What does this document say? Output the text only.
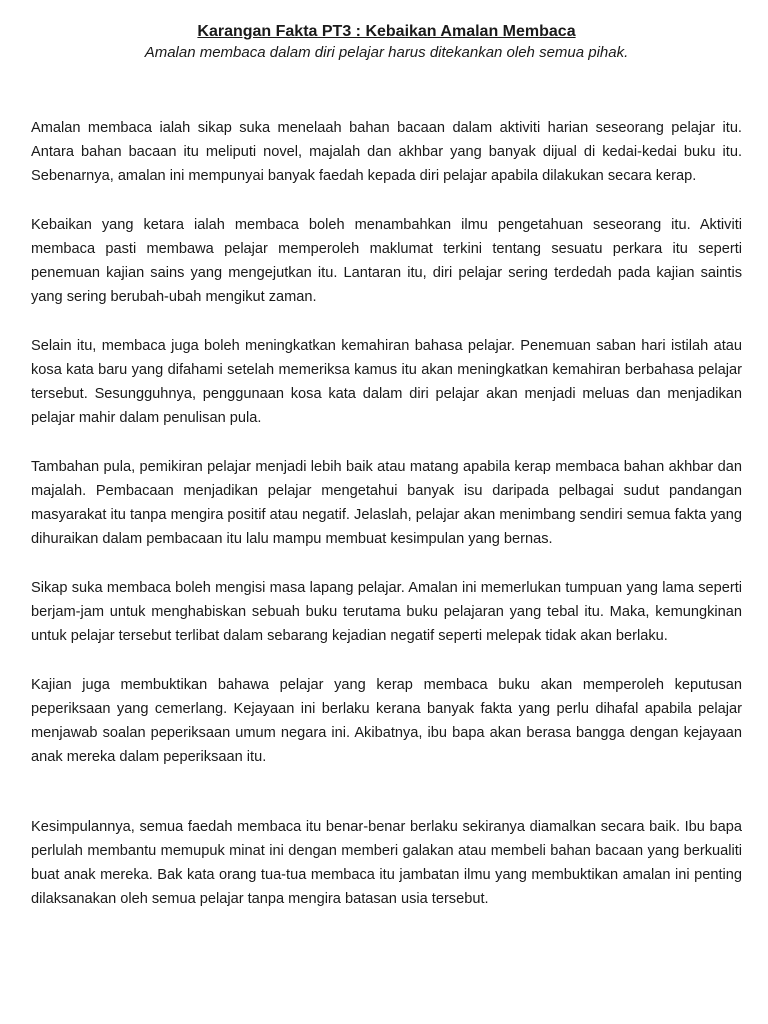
Karangan Fakta PT3 : Kebaikan Amalan Membaca

Amalan membaca dalam diri pelajar harus ditekankan oleh semua pihak.

Amalan membaca ialah sikap suka menelaah bahan bacaan dalam aktiviti harian seseorang pelajar itu. Antara bahan bacaan itu meliputi novel, majalah dan akhbar yang banyak dijual di kedai-kedai buku itu. Sebenarnya, amalan ini mempunyai banyak faedah kepada diri pelajar apabila dilakukan secara kerap.

Kebaikan yang ketara ialah membaca boleh menambahkan ilmu pengetahuan seseorang itu. Aktiviti membaca pasti membawa pelajar memperoleh maklumat terkini tentang sesuatu perkara itu seperti penemuan kajian sains yang mengejutkan itu. Lantaran itu, diri pelajar sering terdedah pada kajian saintis yang sering berubah-ubah mengikut zaman.

Selain itu, membaca juga boleh meningkatkan kemahiran bahasa pelajar. Penemuan saban hari istilah atau kosa kata baru yang difahami setelah memeriksa kamus itu akan meningkatkan kemahiran berbahasa pelajar tersebut. Sesungguhnya, penggunaan kosa kata dalam diri pelajar akan menjadi meluas dan menjadikan pelajar mahir dalam penulisan pula.

Tambahan pula, pemikiran pelajar menjadi lebih baik atau matang apabila kerap membaca bahan akhbar dan majalah. Pembacaan menjadikan pelajar mengetahui banyak isu daripada pelbagai sudut pandangan masyarakat itu tanpa mengira positif atau negatif. Jelaslah, pelajar akan menimbang sendiri semua fakta yang dihuraikan dalam pembacaan itu lalu mampu membuat kesimpulan yang bernas.

Sikap suka membaca boleh mengisi masa lapang pelajar. Amalan ini memerlukan tumpuan yang lama seperti berjam-jam untuk menghabiskan sebuah buku terutama buku pelajaran yang tebal itu. Maka, kemungkinan untuk pelajar tersebut terlibat dalam sebarang kejadian negatif seperti melepak tidak akan berlaku.

Kajian juga membuktikan bahawa pelajar yang kerap membaca buku akan memperoleh keputusan peperiksaan yang cemerlang. Kejayaan ini berlaku kerana banyak fakta yang perlu dihafal apabila pelajar menjawab soalan peperiksaan umum negara ini. Akibatnya, ibu bapa akan berasa bangga dengan kejayaan anak mereka dalam peperiksaan itu.

Kesimpulannya, semua faedah membaca itu benar-benar berlaku sekiranya diamalkan secara baik. Ibu bapa perlulah membantu memupuk minat ini dengan memberi galakan atau membeli bahan bacaan yang berkualiti buat anak mereka. Bak kata orang tua-tua membaca itu jambatan ilmu yang membuktikan amalan ini penting dilaksanakan oleh semua pelajar tanpa mengira batasan usia tersebut.
